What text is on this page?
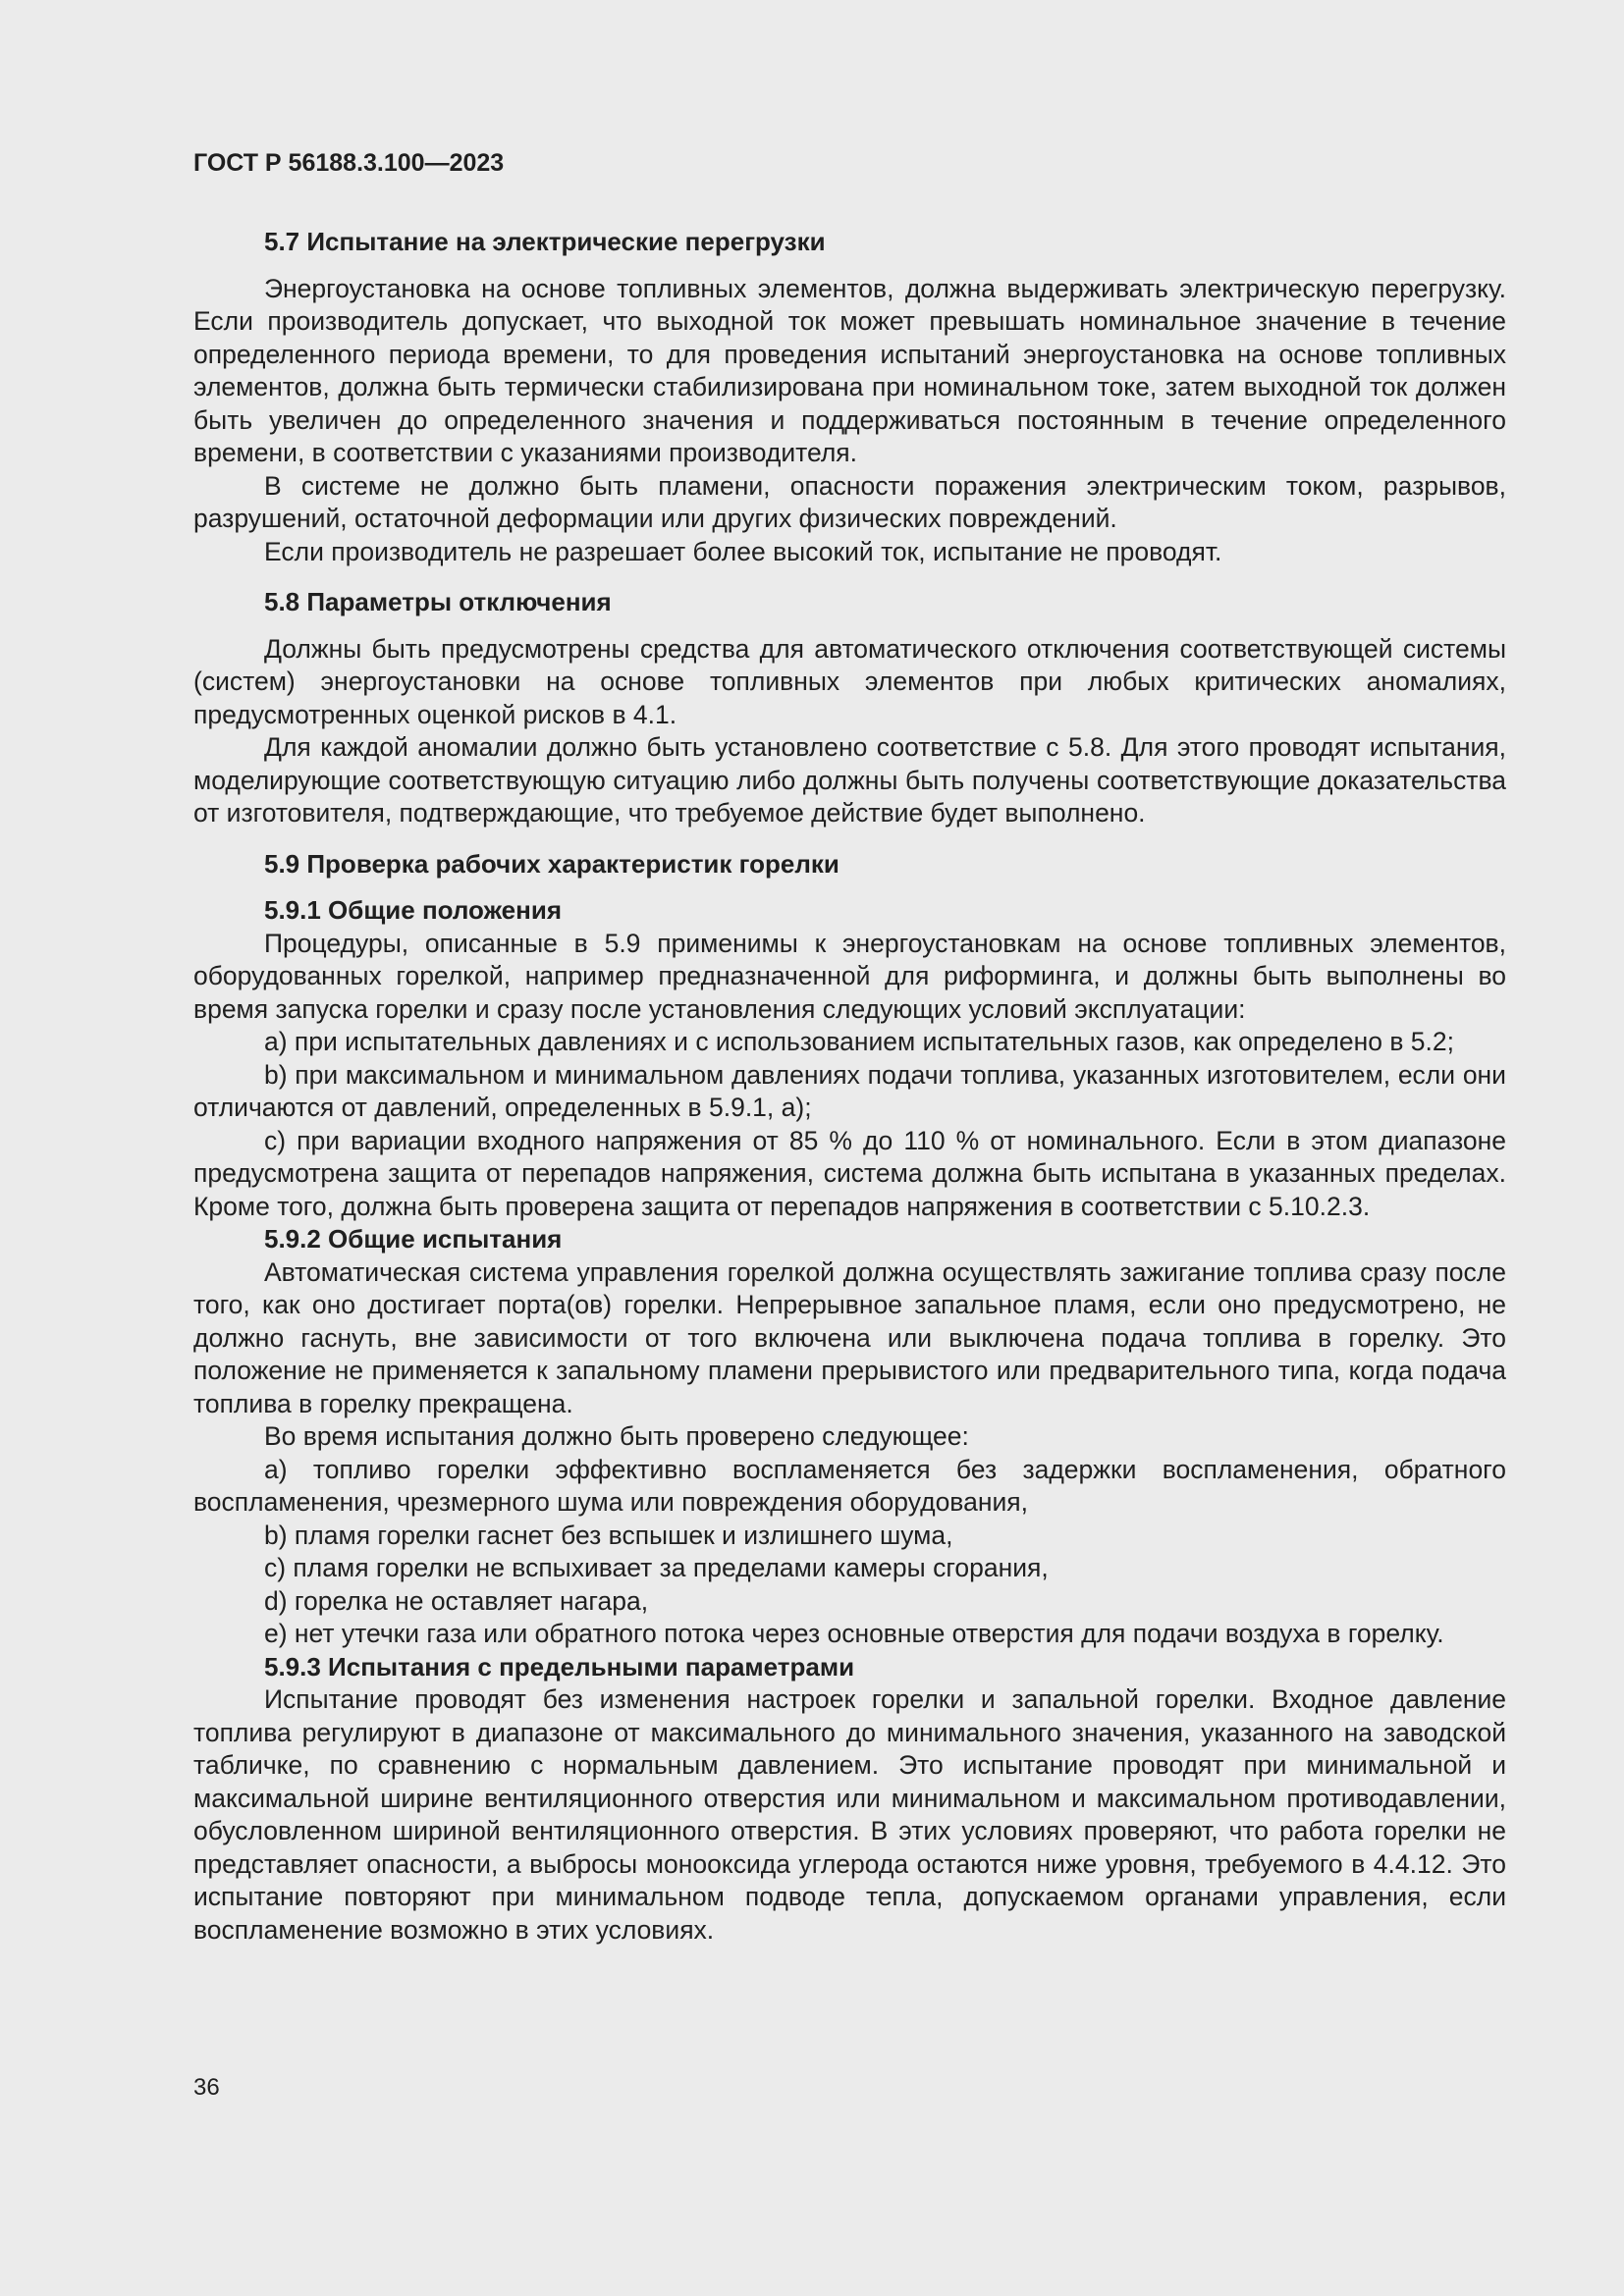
ГОСТ Р 56188.3.100—2023
5.7 Испытание на электрические перегрузки

Энергоустановка на основе топливных элементов, должна выдерживать электрическую перегрузку. Если производитель допускает, что выходной ток может превышать номинальное значение в течение определенного периода времени, то для проведения испытаний энергоустановка на основе топливных элементов, должна быть термически стабилизирована при номинальном токе, затем выходной ток должен быть увеличен до определенного значения и поддерживаться постоянным в течение определенного времени, в соответствии с указаниями производителя.

В системе не должно быть пламени, опасности поражения электрическим током, разрывов, разрушений, остаточной деформации или других физических повреждений.

Если производитель не разрешает более высокий ток, испытание не проводят.

5.8 Параметры отключения

Должны быть предусмотрены средства для автоматического отключения соответствующей системы (систем) энергоустановки на основе топливных элементов при любых критических аномалиях, предусмотренных оценкой рисков в 4.1.

Для каждой аномалии должно быть установлено соответствие с 5.8. Для этого проводят испытания, моделирующие соответствующую ситуацию либо должны быть получены соответствующие доказательства от изготовителя, подтверждающие, что требуемое действие будет выполнено.

5.9 Проверка рабочих характеристик горелки
5.9.1 Общие положения

Процедуры, описанные в 5.9 применимы к энергоустановкам на основе топливных элементов, оборудованных горелкой, например предназначенной для риформинга, и должны быть выполнены во время запуска горелки и сразу после установления следующих условий эксплуатации:

а) при испытательных давлениях и с использованием испытательных газов, как определено в 5.2;

b) при максимальном и минимальном давлениях подачи топлива, указанных изготовителем, если они отличаются от давлений, определенных в 5.9.1, а);

с) при вариации входного напряжения от 85 % до 110 % от номинального. Если в этом диапазоне предусмотрена защита от перепадов напряжения, система должна быть испытана в указанных пределах. Кроме того, должна быть проверена защита от перепадов напряжения в соответствии с 5.10.2.3.

5.9.2 Общие испытания

Автоматическая система управления горелкой должна осуществлять зажигание топлива сразу после того, как оно достигает порта(ов) горелки. Непрерывное запальное пламя, если оно предусмотрено, не должно гаснуть, вне зависимости от того включена или выключена подача топлива в горелку. Это положение не применяется к запальному пламени прерывистого или предварительного типа, когда подача топлива в горелку прекращена.

Во время испытания должно быть проверено следующее:

а) топливо горелки эффективно воспламеняется без задержки воспламенения, обратного воспламенения, чрезмерного шума или повреждения оборудования,

b) пламя горелки гаснет без вспышек и излишнего шума,

с) пламя горелки не вспыхивает за пределами камеры сгорания,

d) горелка не оставляет нагара,

е) нет утечки газа или обратного потока через основные отверстия для подачи воздуха в горелку.

5.9.3 Испытания с предельными параметрами

Испытание проводят без изменения настроек горелки и запальной горелки. Входное давление топлива регулируют в диапазоне от максимального до минимального значения, указанного на заводской табличке, по сравнению с нормальным давлением. Это испытание проводят при минимальной и максимальной ширине вентиляционного отверстия или минимальном и максимальном противодавлении, обусловленном шириной вентиляционного отверстия. В этих условиях проверяют, что работа горелки не представляет опасности, а выбросы монооксида углерода остаются ниже уровня, требуемого в 4.4.12. Это испытание повторяют при минимальном подводе тепла, допускаемом органами управления, если воспламенение возможно в этих условиях.

36
